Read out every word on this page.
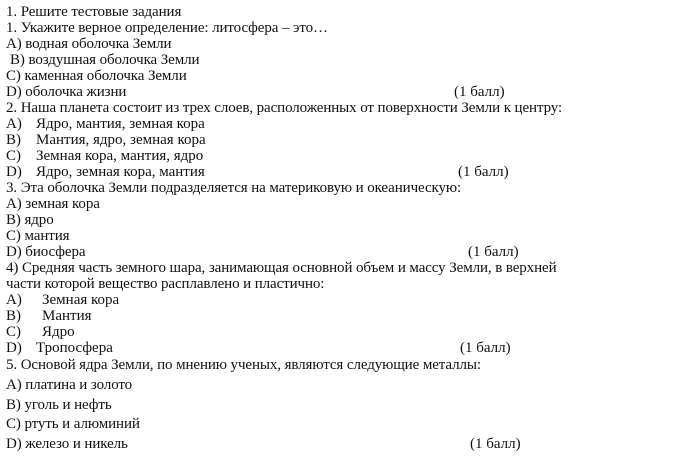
1. Решите тестовые задания
1. Укажите верное определение: литосфера – это…
A) водная оболочка Земли
B) воздушная оболочка Земли
C) каменная оболочка Земли
D) оболочка жизни	(1 балл)
2. Наша планета состоит из трех слоев, расположенных от поверхности Земли к центру:
A) Ядро, мантия, земная кора
B) Мантия, ядро, земная кора
C) Земная кора, мантия, ядро
D) Ядро, земная кора, мантия	(1 балл)
3. Эта оболочка Земли подразделяется на материковую и океаническую:
A) земная кора
B) ядро
C) мантия
D) биосфера	(1 балл)
4) Средняя часть земного шара, занимающая основной объем и массу Земли, в верхней
части которой вещество расплавлено и пластично:
A) Земная кора
B) Мантия
C) Ядро
D) Тропосфера	(1 балл)
5. Основой ядра Земли, по мнению ученых, являются следующие металлы:
A) платина и золото
B) уголь и нефть
C) ртуть и алюминий
D) железо и никель	(1 балл)
